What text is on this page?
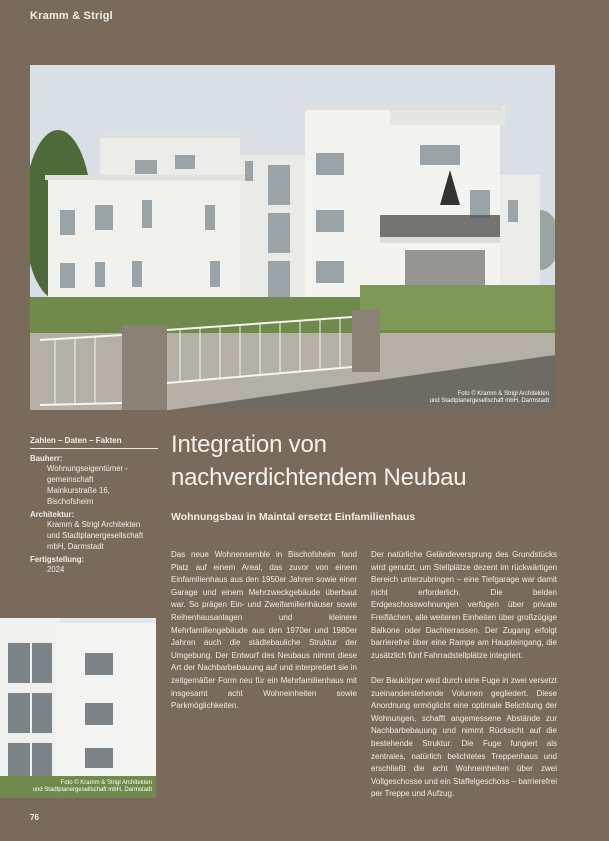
Kramm & Strigl
Foto © Kramm & Strigl Architekten
und Stadtplanergesellschaft mbH, Darmstadt
Zahlen – Daten – Fakten
Bauherr:
Wohnungseigentümer -
gemeinschaft
Mainkurstraße 16,
Bischofsheim
Architektur:
Kramm & Strigl Architekten
und Stadtplanergesellschaft
mbH, Darmstadt
Fertigstellung:
2024
Integration von
nachverdichtendem Neubau
Wohnungsbau in Maintal ersetzt Einfamilienhaus

Das neue Wohnensemble in Bischofsheim fand Platz auf einem Areal, das zuvor von einem Einfamilienhaus aus den 1950er Jahren sowie einer Garage und einem Mehrzweckgebäude überbaut war. So prägen Ein- und Zweifamilienhäuser sowie Reihenhausanlagen und kleinere Mehrfamiliengebäude aus den 1970er und 1980er Jahren auch die städtebauliche Struktur der Umgebung. Der Entwurf des Neubaus nimmt diese Art der Nachbarbebauung auf und interpretiert sie in zeitgemäßer Form neu für ein Mehrfamilienhaus mit insgesamt acht Wohneinheiten sowie Parkmöglichkeiten.

Der natürliche Geländeversprung des Grundstücks wird genutzt, um Stellplätze dezent im rückwärtigen Bereich unterzubringen – eine Tiefgarage war damit nicht erforderlich. Die beiden Erdgeschosswohnungen verfügen über private Freiflächen, alle weiteren Einheiten über großzügige Balkone oder Dachterrassen. Der Zugang erfolgt barrierefrei über eine Rampe am Haupteingang, die zusätzlich fünf Fahrradstellplätze integriert.

Der Baukörper wird durch eine Fuge in zwei versetzt zueinanderstehende Volumen gegliedert. Diese Anordnung ermöglicht eine optimale Belichtung der Wohnungen, schafft angemessene Abstände zur Nachbarbebauung und nimmt Rücksicht auf die bestehende Struktur. Die Fuge fungiert als zentrales, natürlich belichtetes Treppenhaus und erschließt die acht Wohneinheiten über zwei Vollgeschosse und ein Staffelgeschoss – barrierefrei per Treppe und Aufzug.

Foto © Kramm & Strigl Architekten
und Stadtplanergesellschaft mbH, Darmstadt
76
